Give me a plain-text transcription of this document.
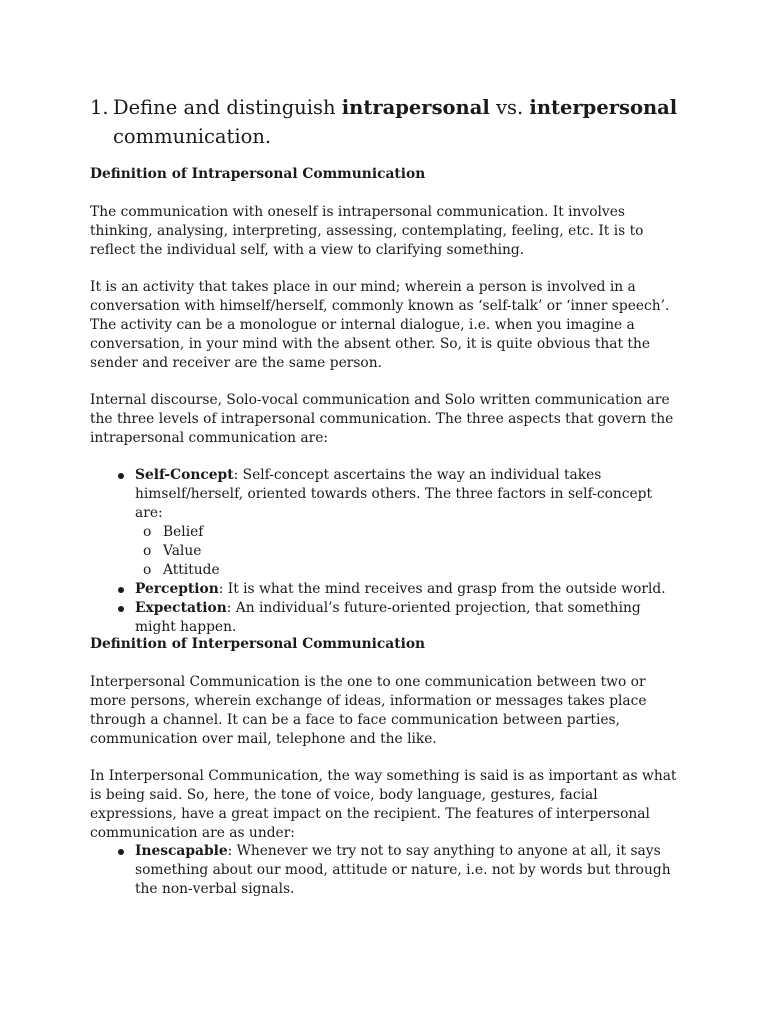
1. Define and distinguish intrapersonal vs. interpersonal
communication.
Definition of Intrapersonal Communication

The communication with oneself is intrapersonal communication. It involves thinking, analysing, interpreting, assessing, contemplating, feeling, etc. It is to reflect the individual self, with a view to clarifying something.

It is an activity that takes place in our mind; wherein a person is involved in a conversation with himself/herself, commonly known as ‘self-talk’ or ‘inner speech’. The activity can be a monologue or internal dialogue, i.e. when you imagine a conversation, in your mind with the absent other. So, it is quite obvious that the sender and receiver are the same person.

Internal discourse, Solo-vocal communication and Solo written communication are the three levels of intrapersonal communication. The three aspects that govern the intrapersonal communication are:

Self-Concept: Self-concept ascertains the way an individual takes himself/herself, oriented towards others. The three factors in self-concept are:
o Belief
o Value
o Attitude
Perception: It is what the mind receives and grasp from the outside world.
Expectation: An individual’s future-oriented projection, that something might happen.
Definition of Interpersonal Communication

Interpersonal Communication is the one to one communication between two or more persons, wherein exchange of ideas, information or messages takes place through a channel. It can be a face to face communication between parties, communication over mail, telephone and the like.

In Interpersonal Communication, the way something is said is as important as what is being said. So, here, the tone of voice, body language, gestures, facial expressions, have a great impact on the recipient. The features of interpersonal communication are as under:

Inescapable: Whenever we try not to say anything to anyone at all, it says something about our mood, attitude or nature, i.e. not by words but through the non-verbal signals.
